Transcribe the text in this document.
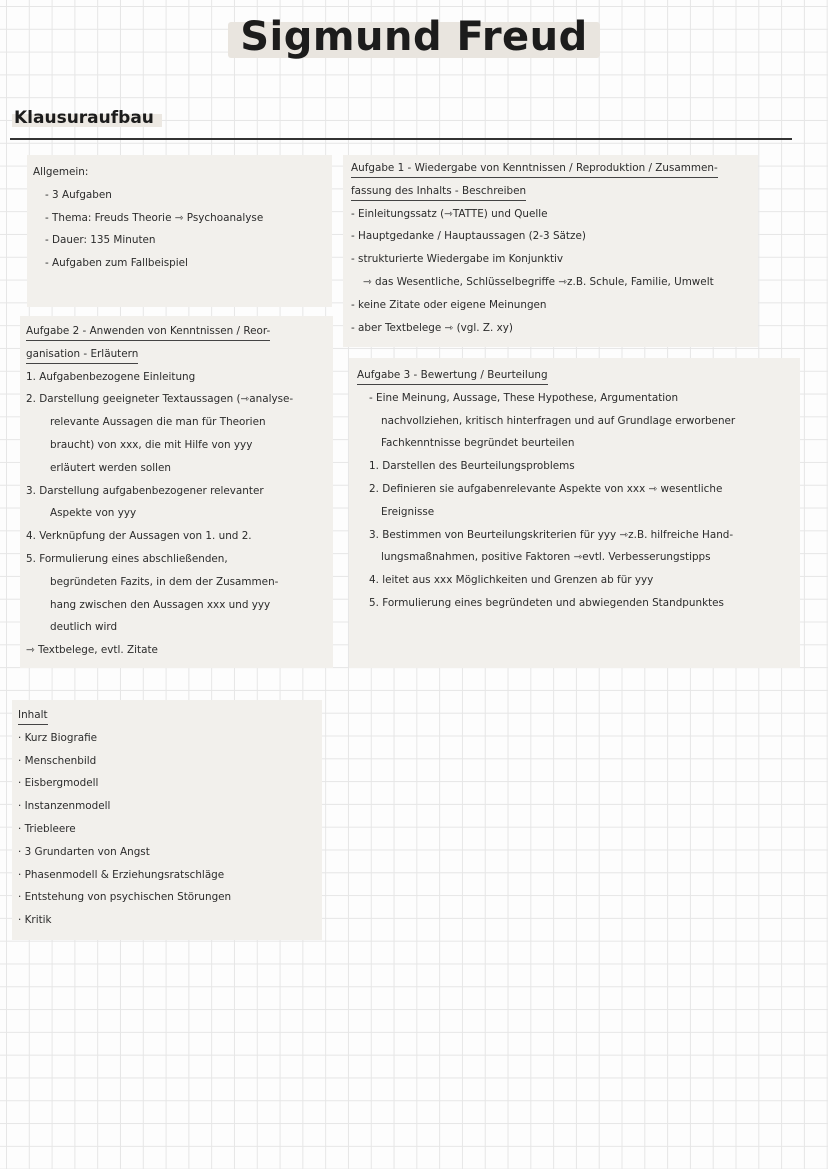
Sigmund Freud
Klausuraufbau
Allgemein:
- 3 Aufgaben
- Thema: Freuds Theorie ⇾ Psychoanalyse
- Dauer: 135 Minuten
- Aufgaben zum Fallbeispiel
Aufgabe 1 - Wiedergabe von Kenntnissen / Reproduktion / Zusammen-
fassung des Inhalts - Beschreiben
- Einleitungssatz (⇾TATTE) und Quelle
- Hauptgedanke / Hauptaussagen (2-3 Sätze)
- strukturierte Wiedergabe im Konjunktiv
⇾ das Wesentliche, Schlüsselbegriffe ⇾z.B. Schule, Familie, Umwelt
- keine Zitate oder eigene Meinungen
- aber Textbelege ⇾ (vgl. Z. xy)
Aufgabe 2 - Anwenden von Kenntnissen / Reor-
ganisation - Erläutern
1. Aufgabenbezogene Einleitung
2. Darstellung geeigneter Textaussagen (⇾analyse-
relevante Aussagen die man für Theorien
braucht) von xxx, die mit Hilfe von yyy
erläutert werden sollen
3. Darstellung aufgabenbezogener relevanter
Aspekte von yyy
4. Verknüpfung der Aussagen von 1. und 2.
5. Formulierung eines abschließenden,
begründeten Fazits, in dem der Zusammen-
hang zwischen den Aussagen xxx und yyy
deutlich wird
⇾ Textbelege, evtl. Zitate
Aufgabe 3 - Bewertung / Beurteilung
- Eine Meinung, Aussage, These Hypothese, Argumentation
nachvollziehen, kritisch hinterfragen und auf Grundlage erworbener
Fachkenntnisse begründet beurteilen
1. Darstellen des Beurteilungsproblems
2. Definieren sie aufgabenrelevante Aspekte von xxx ⇾ wesentliche
Ereignisse
3. Bestimmen von Beurteilungskriterien für yyy ⇾z.B. hilfreiche Hand-
lungsmaßnahmen, positive Faktoren ⇾evtl. Verbesserungstipps
4. leitet aus xxx Möglichkeiten und Grenzen ab für yyy
5. Formulierung eines begründeten und abwiegenden Standpunktes
Inhalt
· Kurz Biografie
· Menschenbild
· Eisbergmodell
· Instanzenmodell
· Triebleere
· 3 Grundarten von Angst
· Phasenmodell & Erziehungsratschläge
· Entstehung von psychischen Störungen
· Kritik
